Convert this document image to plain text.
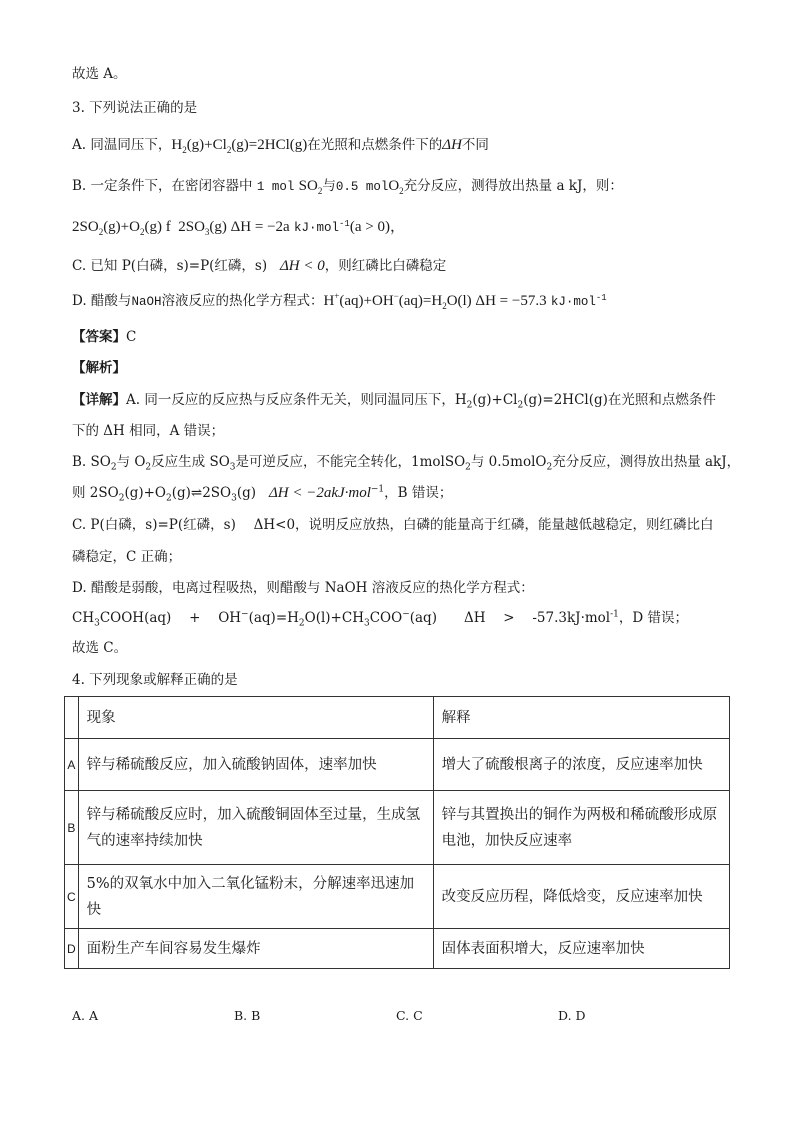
故选 A。
3. 下列说法正确的是
A. 同温同压下，$H_2(g)+Cl_2(g)=2HCl(g)$在光照和点燃条件下的ΔH不同
B. 一定条件下，在密闭容器中 1 mol $SO_2$与0.5 molO$_2$充分反应，测得放出热量 a kJ，则：
$2SO_2(g)+O_2(g)$ f $2SO_3(g) \Delta H = -2a$ kJ·mol$^{-1}$(a > 0)，
C. 已知 P(白磷，s)=P(红磷，s) ΔH < 0，则红磷比白磷稳定
D. 醋酸与NaOH溶液反应的热化学方程式：$H^+(aq)+OH^-(aq)=H_2O(l) \Delta H = -57.3$ kJ·mol$^{-1}$
【答案】C
【解析】
【详解】A. 同一反应的反应热与反应条件无关，则同温同压下，$H_2(g)+Cl_2(g)=2HCl(g)$在光照和点燃条件
下的 ΔH 相同，A 错误；
B. $SO_2$与 $O_2$反应生成 $SO_3$是可逆反应，不能完全转化，1molSO$_2$与 0.5molO$_2$充分反应，测得放出热量 akJ，
则 $2SO_2(g)+O_2(g)\rightleftharpoons 2SO_3(g) \Delta H < -2akJ\cdot mol^{-1}$，B 错误；
C. P(白磷，s)=P(红磷，s)　 ΔH<0，说明反应放热，白磷的能量高于红磷，能量越低越稳定，则红磷比白
磷稳定，C 正确；
D. 醋酸是弱酸，电离过程吸热，则醋酸与 NaOH 溶液反应的热化学方程式：
$CH_3COOH(aq)$　 +　 $OH^-(aq)=H_2O(l)+CH_3COO^-(aq)$　　ΔH　 >　 -57.3kJ·mol$^{-1}$，D 错误；
故选 C。
4. 下列现象或解释正确的是
	现象	解释
A	锌与稀硫酸反应，加入硫酸钠固体，速率加快	增大了硫酸根离子的浓度，反应速率加快
B	锌与稀硫酸反应时，加入硫酸铜固体至过量，生成氢气的速率持续加快	锌与其置换出的铜作为两极和稀硫酸形成原电池，加快反应速率
C	5%的双氧水中加入二氧化锰粉末，分解速率迅速加快	改变反应历程，降低焓变，反应速率加快
D	面粉生产车间容易发生爆炸	固体表面积增大，反应速率加快
A. A	B. B	C. C	D. D
